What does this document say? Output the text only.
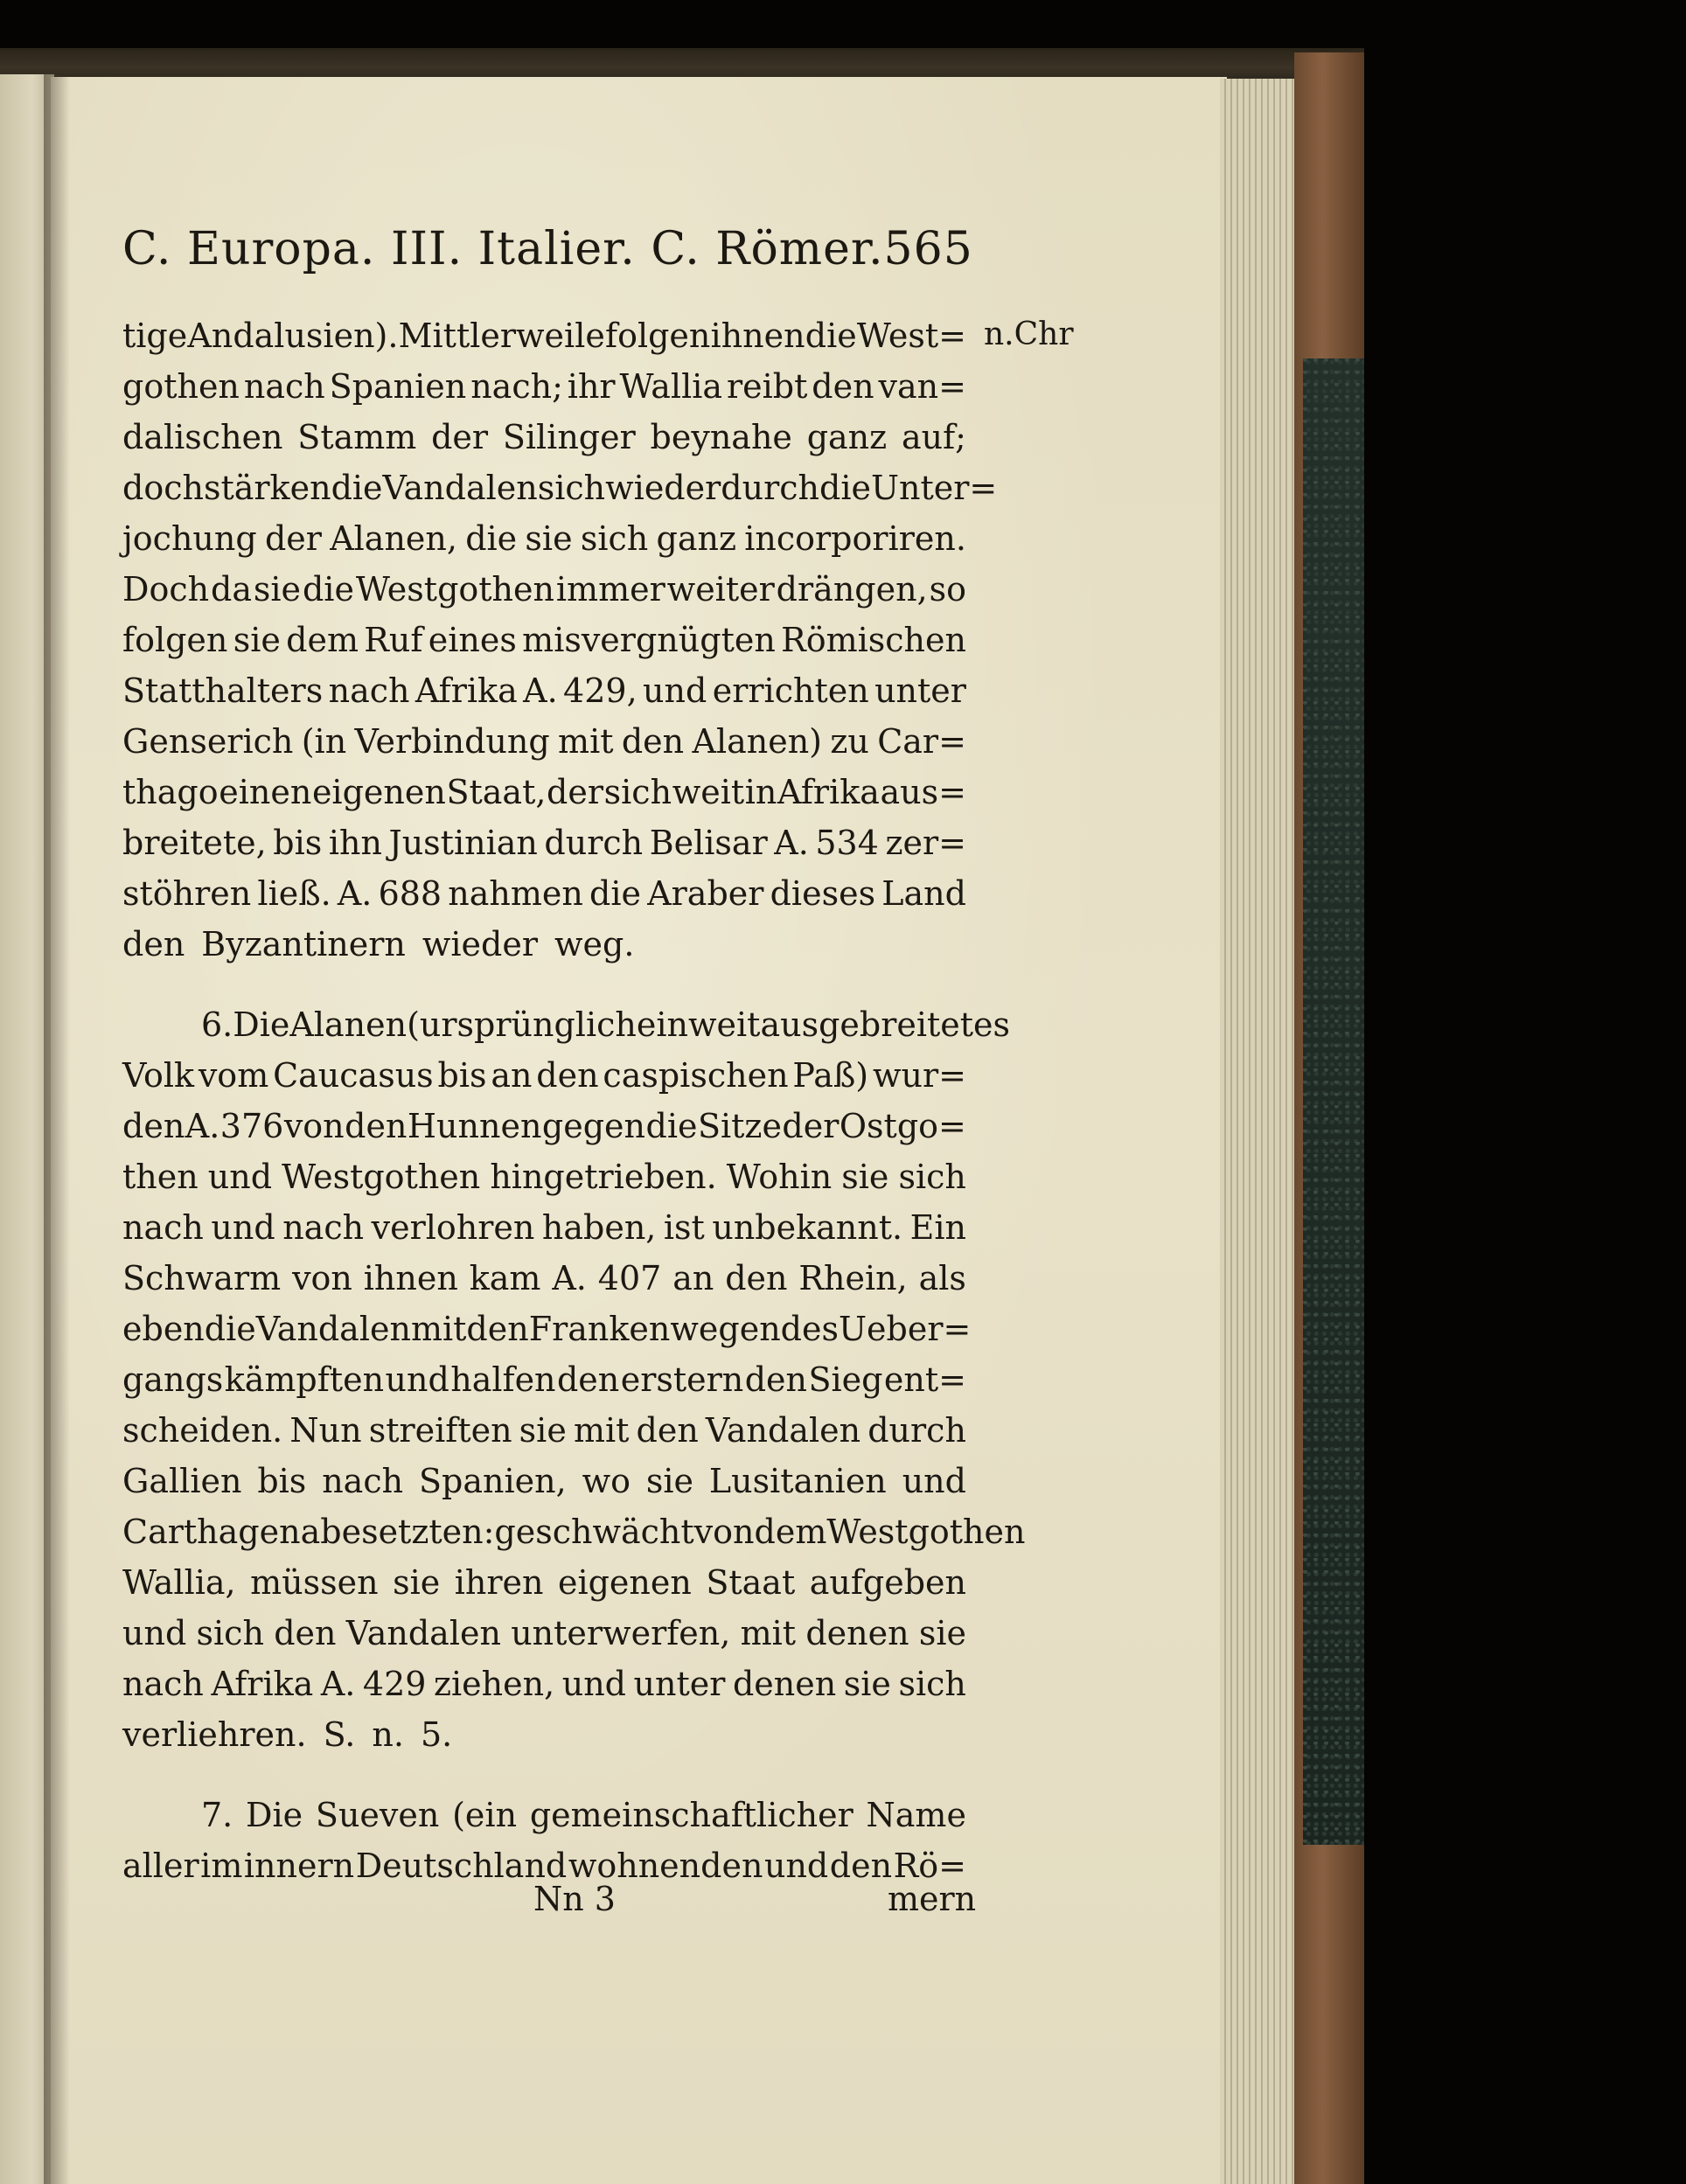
C. Europa. III. Italier. C. Römer. 565
n.Chr
tige Andalusien). Mittlerweile folgen ihnen die West=
gothen nach Spanien nach; ihr Wallia reibt den van=
dalischen Stamm der Silinger beynahe ganz auf;
doch stärken die Vandalen sich wieder durch die Unter=
jochung der Alanen, die sie sich ganz incorporiren.
Doch da sie die Westgothen immer weiter drängen, so
folgen sie dem Ruf eines misvergnügten Römischen
Statthalters nach Afrika A. 429, und errichten unter
Genserich (in Verbindung mit den Alanen) zu Car=
thago einen eigenen Staat, der sich weit in Afrika aus=
breitete, bis ihn Justinian durch Belisar A. 534 zer=
stöhren ließ. A. 688 nahmen die Araber dieses Land
den Byzantinern wieder weg.
6. Die Alanen (ursprünglich ein weit ausgebreitetes
Volk vom Caucasus bis an den caspischen Paß) wur=
den A. 376 von den Hunnen gegen die Sitze der Ostgo=
then und Westgothen hingetrieben. Wohin sie sich
nach und nach verlohren haben, ist unbekannt. Ein
Schwarm von ihnen kam A. 407 an den Rhein, als
eben die Vandalen mit den Franken wegen des Ueber=
gangs kämpften und halfen den erstern den Sieg ent=
scheiden. Nun streiften sie mit den Vandalen durch
Gallien bis nach Spanien, wo sie Lusitanien und
Carthagena besetzten: geschwächt von dem Westgothen
Wallia, müssen sie ihren eigenen Staat aufgeben
und sich den Vandalen unterwerfen, mit denen sie
nach Afrika A. 429 ziehen, und unter denen sie sich
verliehren. S. n. 5.
7. Die Sueven (ein gemeinschaftlicher Name
aller im innern Deutschland wohnenden und den Rö=
Nn 3	mern
